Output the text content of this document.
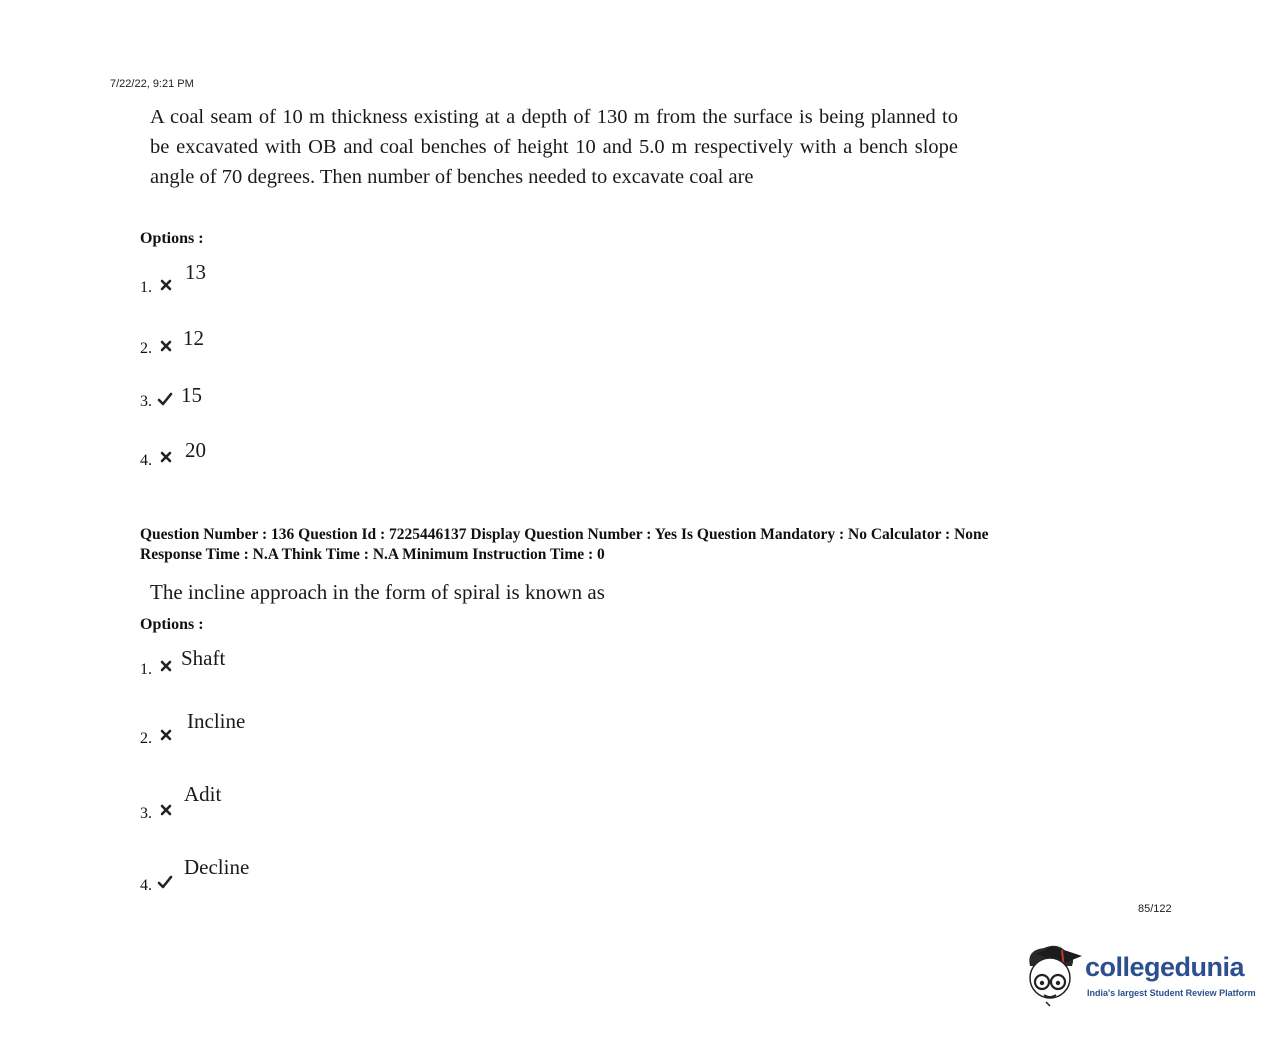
7/22/22, 9:21 PM
A coal seam of 10 m thickness existing at a depth of 130 m from the surface is being planned to be excavated with OB and coal benches of height 10 and 5.0 m respectively with a bench slope angle of 70 degrees. Then number of benches needed to excavate coal are
Options :
1.
13
2. 12
3. 15
4. 20
Question Number : 136 Question Id : 7225446137 Display Question Number : Yes Is Question Mandatory : No Calculator : None
Response Time : N.A Think Time : N.A Minimum Instruction Time : 0
The incline approach in the form of spiral is known as
Options :
1. Shaft
2.
Incline
3.
Adit
4.
Decline
85/122
collegedunia
India's largest Student Review Platform
